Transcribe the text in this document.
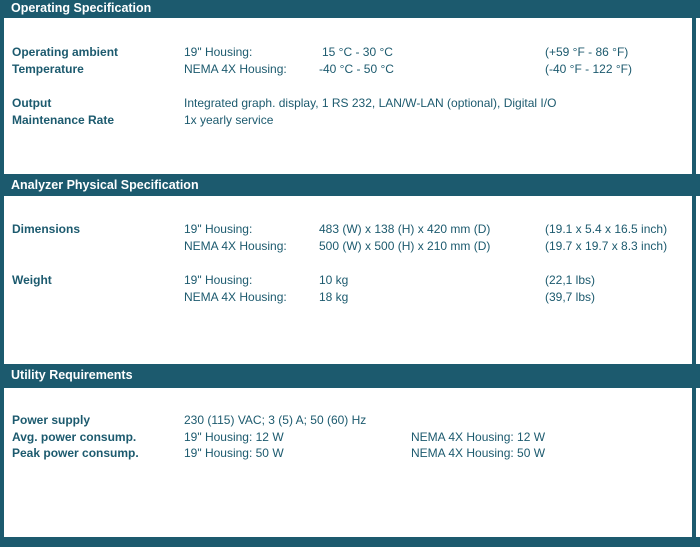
Operating Specification
Operating ambient
Temperature
19" Housing:	15 °C - 30 °C	(+59 °F - 86 °F)
NEMA 4X Housing:	-40 °C - 50 °C	(-40 °F - 122 °F)
Output	Integrated graph. display, 1 RS 232, LAN/W-LAN (optional), Digital I/O
Maintenance Rate	1x yearly service
Analyzer Physical Specification
Dimensions	19" Housing:	483 (W) x 138 (H) x 420 mm (D)	(19.1 x 5.4 x 16.5 inch)
NEMA 4X Housing:	500 (W) x 500 (H) x 210 mm (D)	(19.7 x 19.7 x 8.3 inch)
Weight	19" Housing:	10 kg	(22,1 lbs)
NEMA 4X Housing:	18 kg	(39,7 lbs)
Utility Requirements
Power supply	230 (115) VAC; 3 (5) A; 50 (60) Hz
Avg. power consump.	19" Housing: 12 W	NEMA 4X Housing: 12 W
Peak power consump.	19" Housing: 50 W	NEMA 4X Housing: 50 W
